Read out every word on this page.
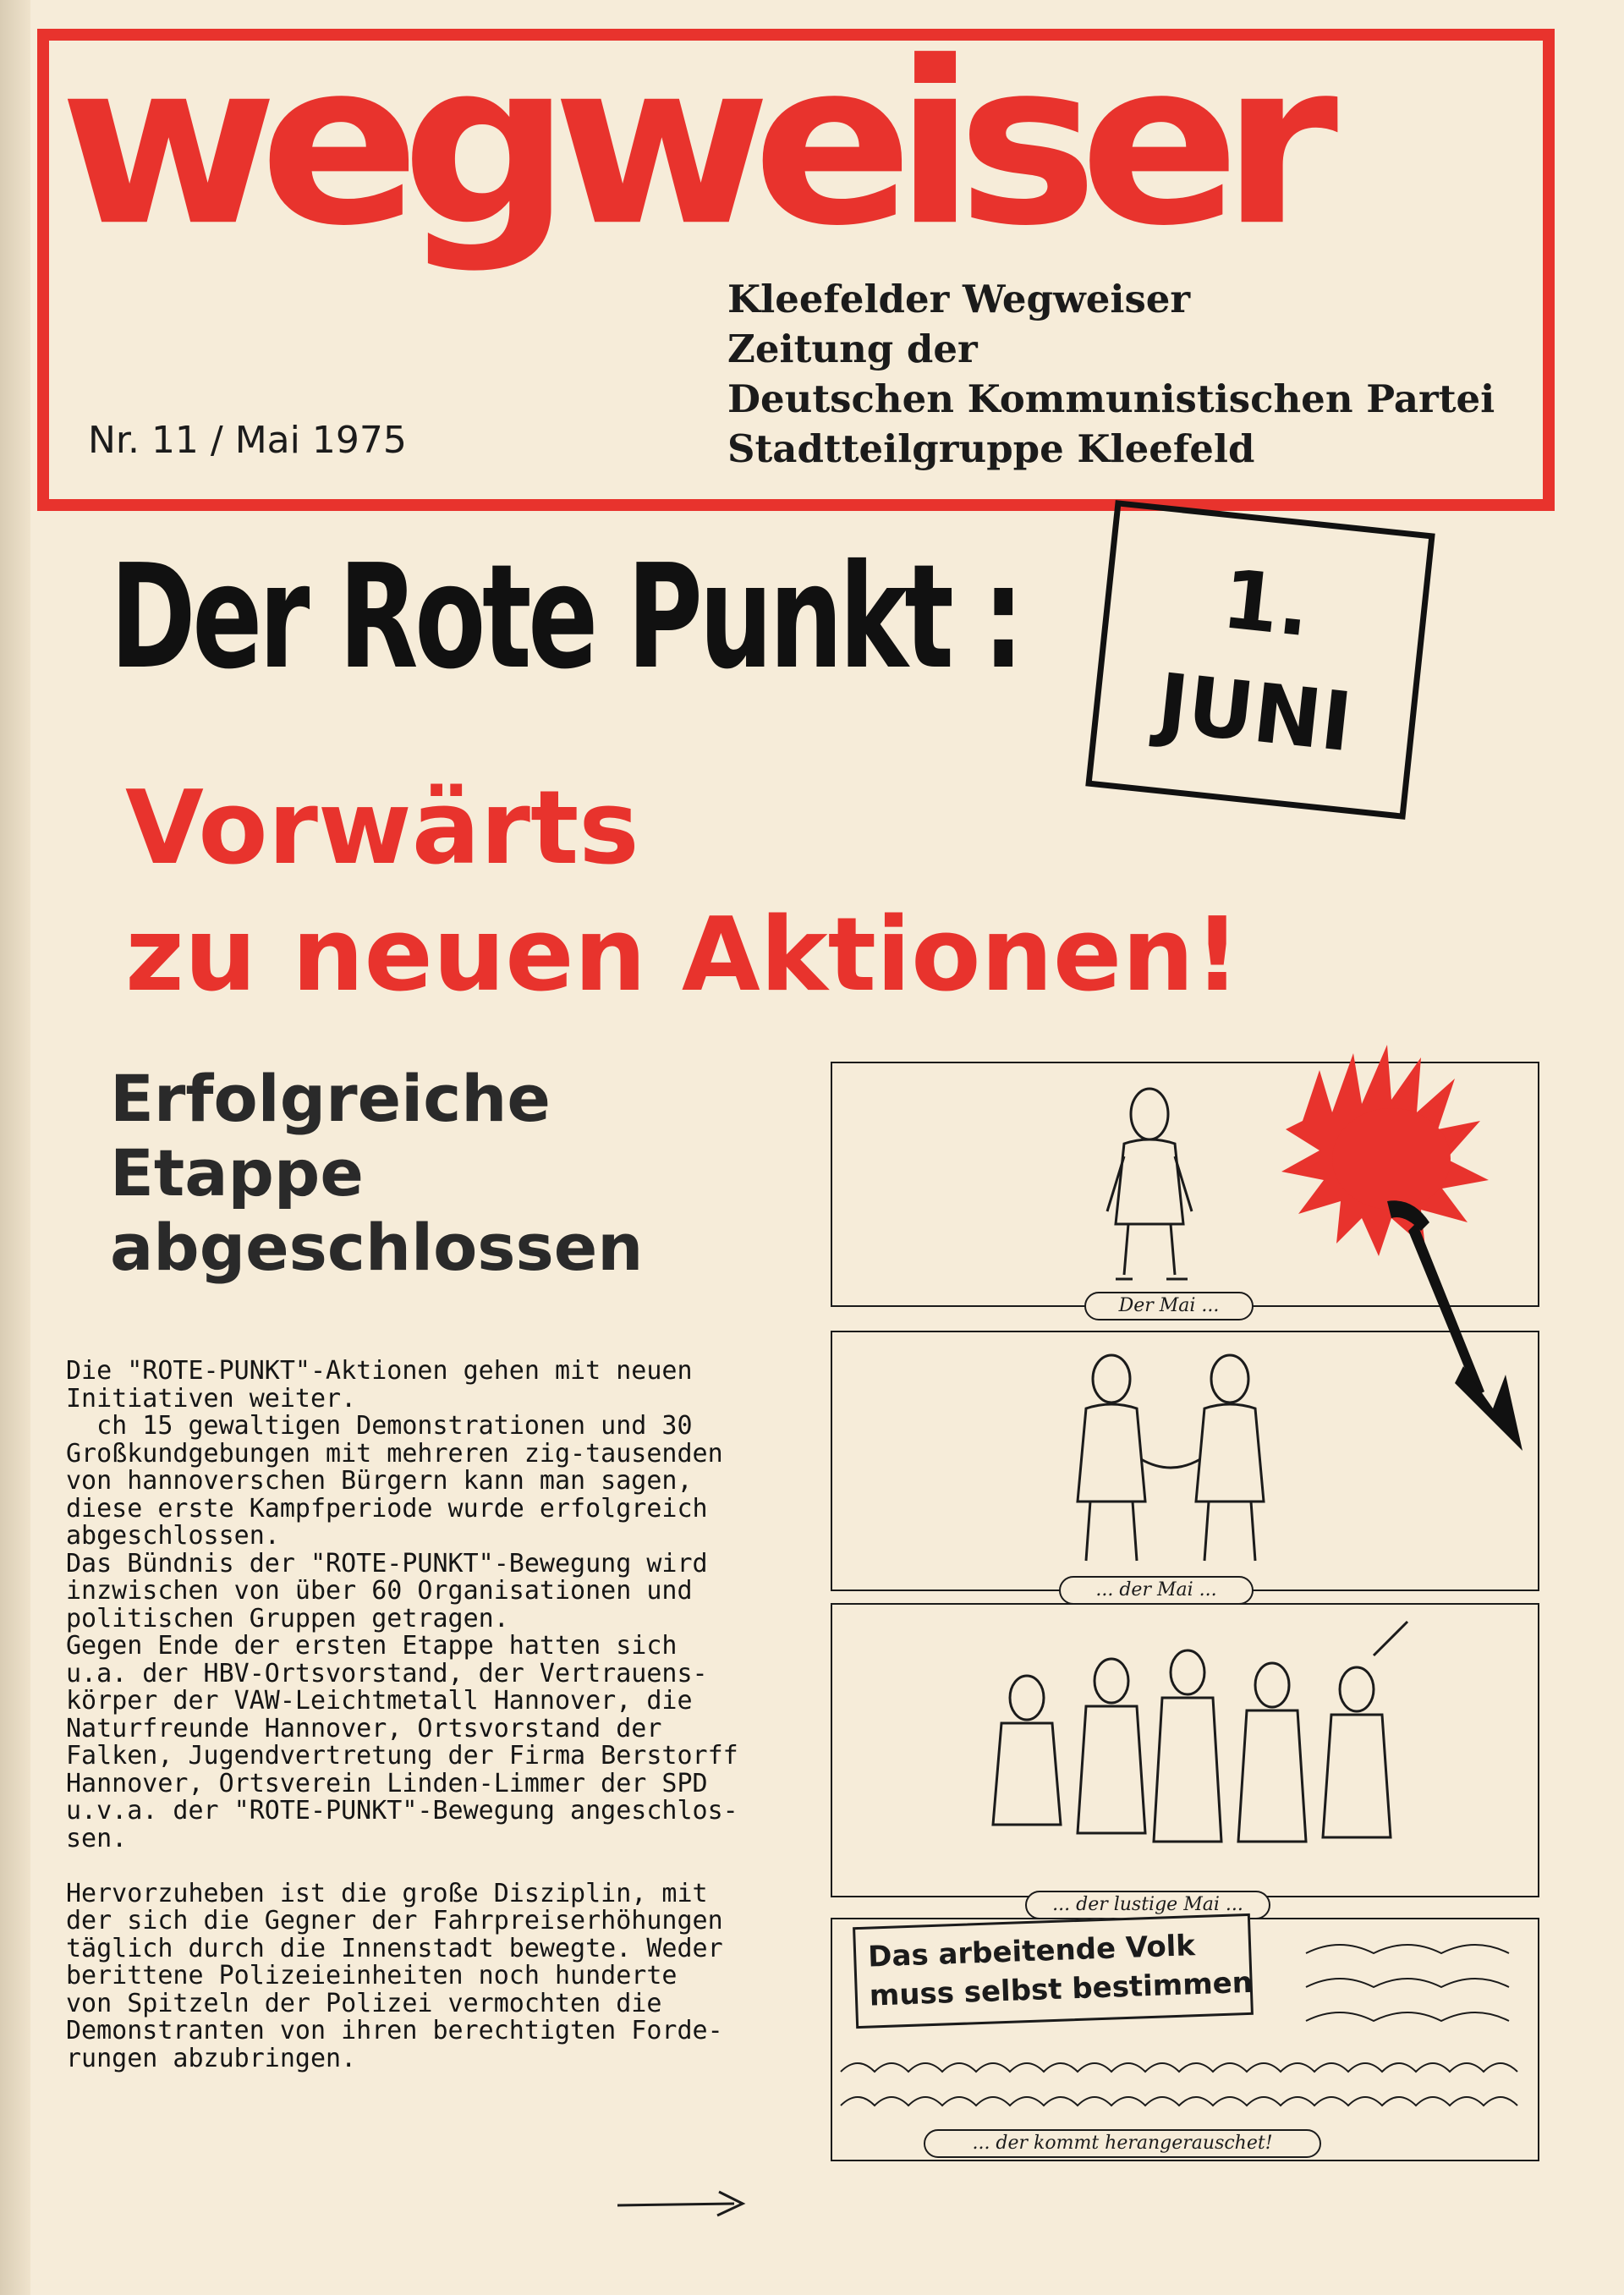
wegweiser
Kleefelder Wegweiser
Zeitung der
Deutschen Kommunistischen Partei
Stadtteilgruppe Kleefeld
Nr. 11 / Mai 1975
Der Rote Punkt :	1.
JUNI
Vorwärts
zu neuen Aktionen!
Erfolgreiche
Etappe
abgeschlossen
Die "ROTE-PUNKT"-Aktionen gehen mit neuen
Initiativen weiter.
ch 15 gewaltigen Demonstrationen und 30
Großkundgebungen mit mehreren zig-tausenden
von hannoverschen Bürgern kann man sagen,
diese erste Kampfperiode wurde erfolgreich
abgeschlossen.
Das Bündnis der "ROTE-PUNKT"-Bewegung wird
inzwischen von über 60 Organisationen und
politischen Gruppen getragen.
Gegen Ende der ersten Etappe hatten sich
u.a. der HBV-Ortsvorstand, der Vertrauens-
körper der VAW-Leichtmetall Hannover, die
Naturfreunde Hannover, Ortsvorstand der
Falken, Jugendvertretung der Firma Berstorff
Hannover, Ortsverein Linden-Limmer der SPD
u.v.a. der "ROTE-PUNKT"-Bewegung angeschlos-
sen.

Hervorzuheben ist die große Disziplin, mit
der sich die Gegner der Fahrpreiserhöhungen
täglich durch die Innenstadt bewegte. Weder
berittene Polizeieinheiten noch hunderte
von Spitzeln der Polizei vermochten die
Demonstranten von ihren berechtigten Forde-
rungen abzubringen.
Der Mai ...
... der Mai ...
... der lustige Mai ...
... der kommt herangerauschet!
Das arbeitende Volk
muss selbst bestimmen
